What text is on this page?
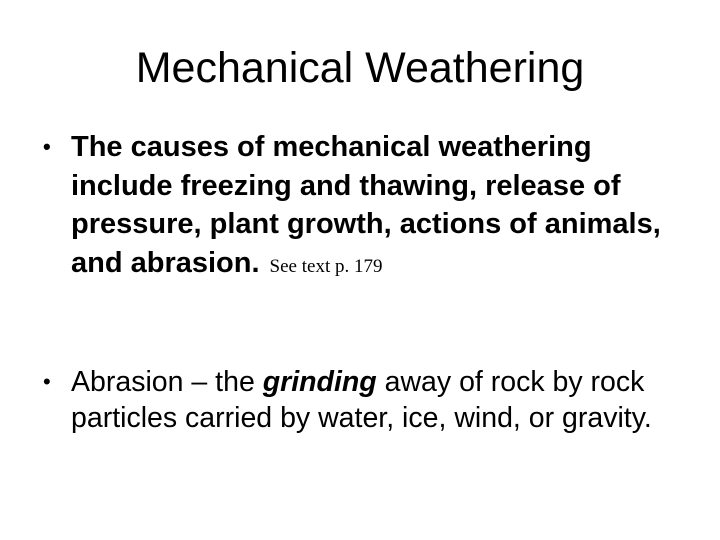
Mechanical Weathering
• The causes of mechanical weathering include freezing and thawing, release of pressure, plant growth, actions of animals, and abrasion. See text p. 179
• Abrasion – the grinding away of rock by rock particles carried by water, ice, wind, or gravity.
